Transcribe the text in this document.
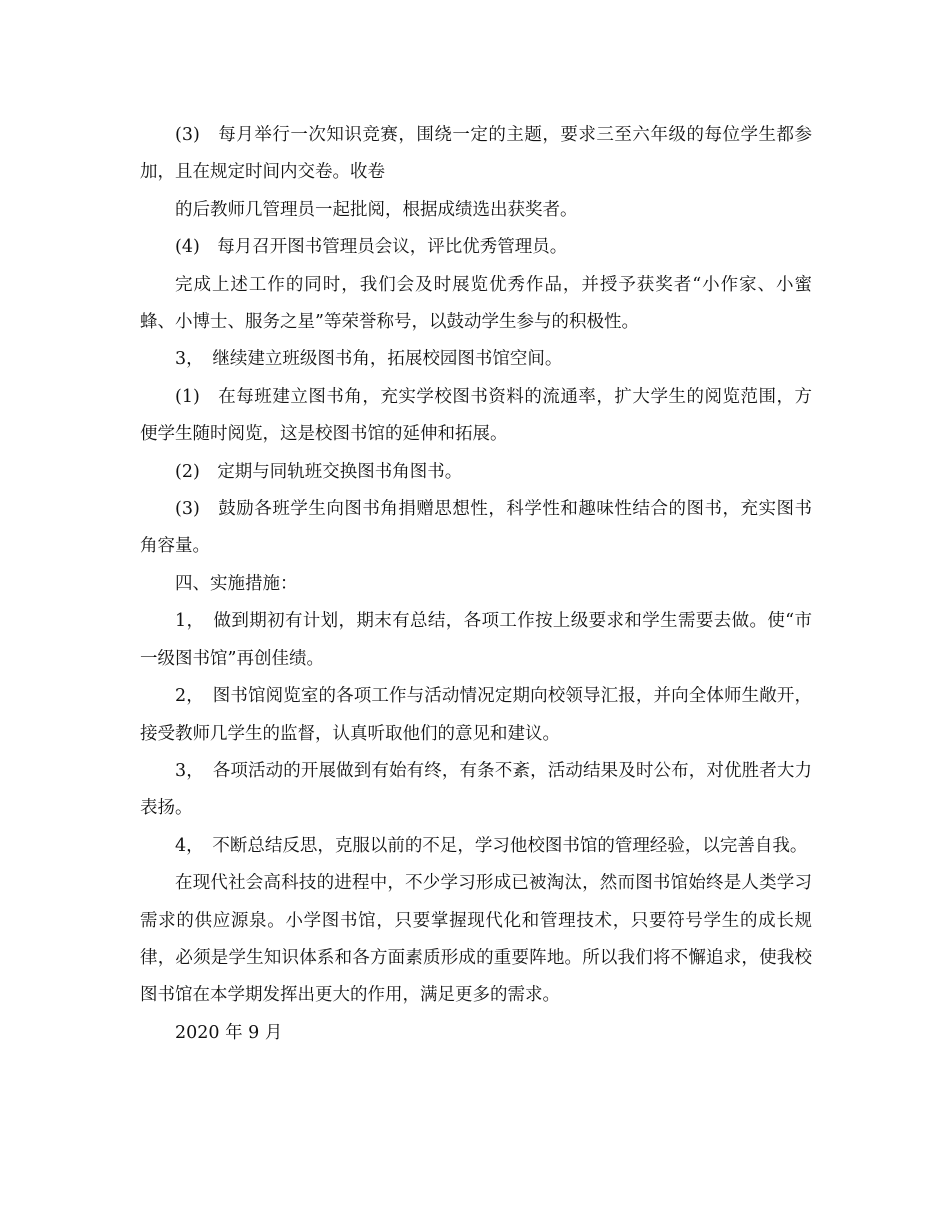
(3)　每月举行一次知识竞赛，围绕一定的主题，要求三至六年级的每位学生都参加，且在规定时间内交卷。收卷

的后教师几管理员一起批阅，根据成绩选出获奖者。

(4)　每月召开图书管理员会议，评比优秀管理员。

完成上述工作的同时，我们会及时展览优秀作品，并授予获奖者“小作家、小蜜蜂、小博士、服务之星”等荣誉称号，以鼓动学生参与的积极性。

3，　继续建立班级图书角，拓展校园图书馆空间。

(1)　在每班建立图书角，充实学校图书资料的流通率，扩大学生的阅览范围，方便学生随时阅览，这是校图书馆的延伸和拓展。

(2)　定期与同轨班交换图书角图书。

(3)　鼓励各班学生向图书角捐赠思想性，科学性和趣味性结合的图书，充实图书角容量。

四、实施措施：

1，　做到期初有计划，期末有总结，各项工作按上级要求和学生需要去做。使“市一级图书馆”再创佳绩。

2，　图书馆阅览室的各项工作与活动情况定期向校领导汇报，并向全体师生敞开，接受教师几学生的监督，认真听取他们的意见和建议。

3，　各项活动的开展做到有始有终，有条不紊，活动结果及时公布，对优胜者大力表扬。

4，　不断总结反思，克服以前的不足，学习他校图书馆的管理经验，以完善自我。

在现代社会高科技的进程中，不少学习形成已被淘汰，然而图书馆始终是人类学习需求的供应源泉。小学图书馆，只要掌握现代化和管理技术，只要符号学生的成长规律，必须是学生知识体系和各方面素质形成的重要阵地。所以我们将不懈追求，使我校图书馆在本学期发挥出更大的作用，满足更多的需求。

2020 年 9 月
